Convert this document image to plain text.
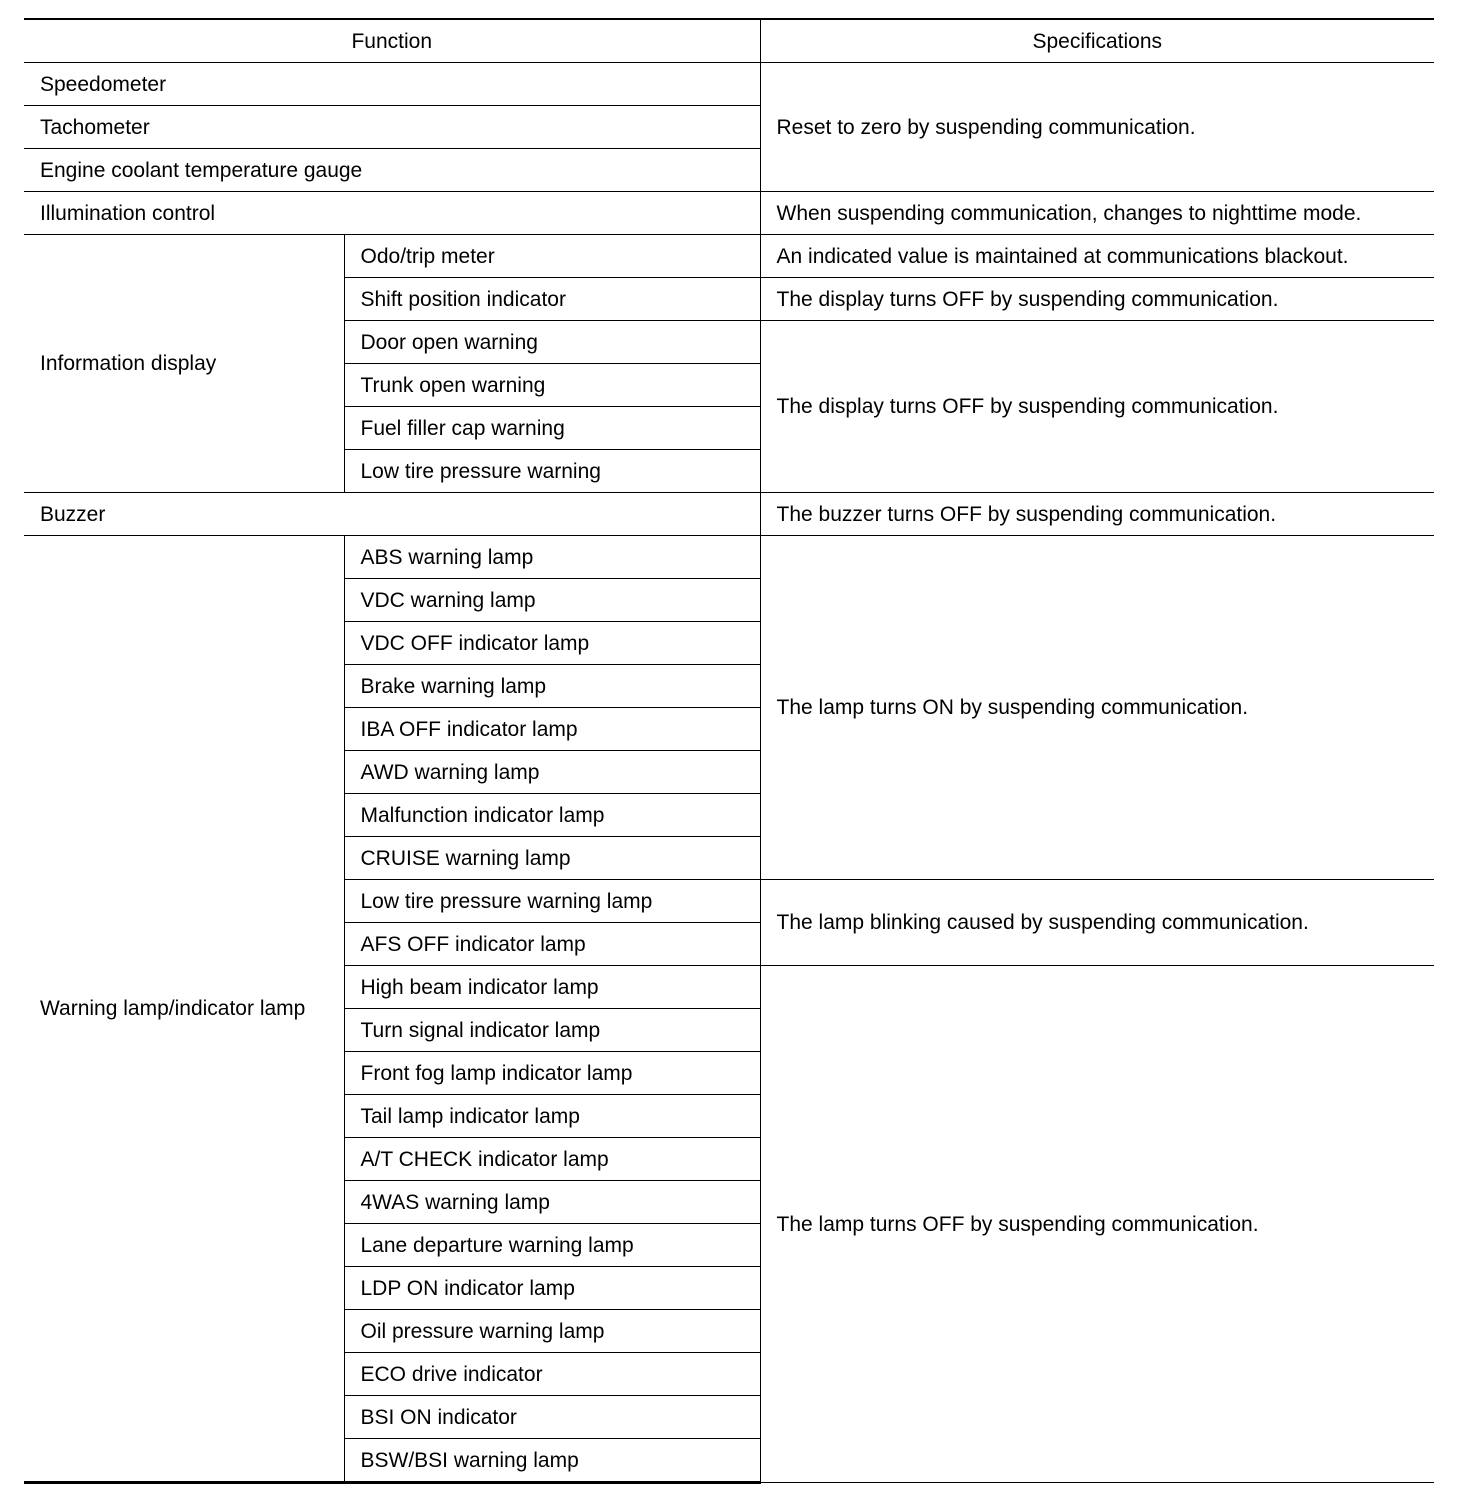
Function		Specifications
Speedometer		Reset to zero by suspending communication.
Tachometer		
Engine coolant temperature gauge		
Illumination control		When suspending communication, changes to nighttime mode.
Information display	Odo/trip meter	An indicated value is maintained at communications blackout.
	Shift position indicator	The display turns OFF by suspending communication.
	Door open warning	The display turns OFF by suspending communication.
	Trunk open warning	
	Fuel filler cap warning	
	Low tire pressure warning	
Buzzer		The buzzer turns OFF by suspending communication.
Warning lamp/indicator lamp	ABS warning lamp	The lamp turns ON by suspending communication.
	VDC warning lamp	
	VDC OFF indicator lamp	
	Brake warning lamp	
	IBA OFF indicator lamp	
	AWD warning lamp	
	Malfunction indicator lamp	
	CRUISE warning lamp	
	Low tire pressure warning lamp	The lamp blinking caused by suspending communication.
	AFS OFF indicator lamp	
	High beam indicator lamp	The lamp turns OFF by suspending communication.
	Turn signal indicator lamp	
	Front fog lamp indicator lamp	
	Tail lamp indicator lamp	
	A/T CHECK indicator lamp	
	4WAS warning lamp	
	Lane departure warning lamp	
	LDP ON indicator lamp	
	Oil pressure warning lamp	
	ECO drive indicator	
	BSI ON indicator	
	BSW/BSI warning lamp	
